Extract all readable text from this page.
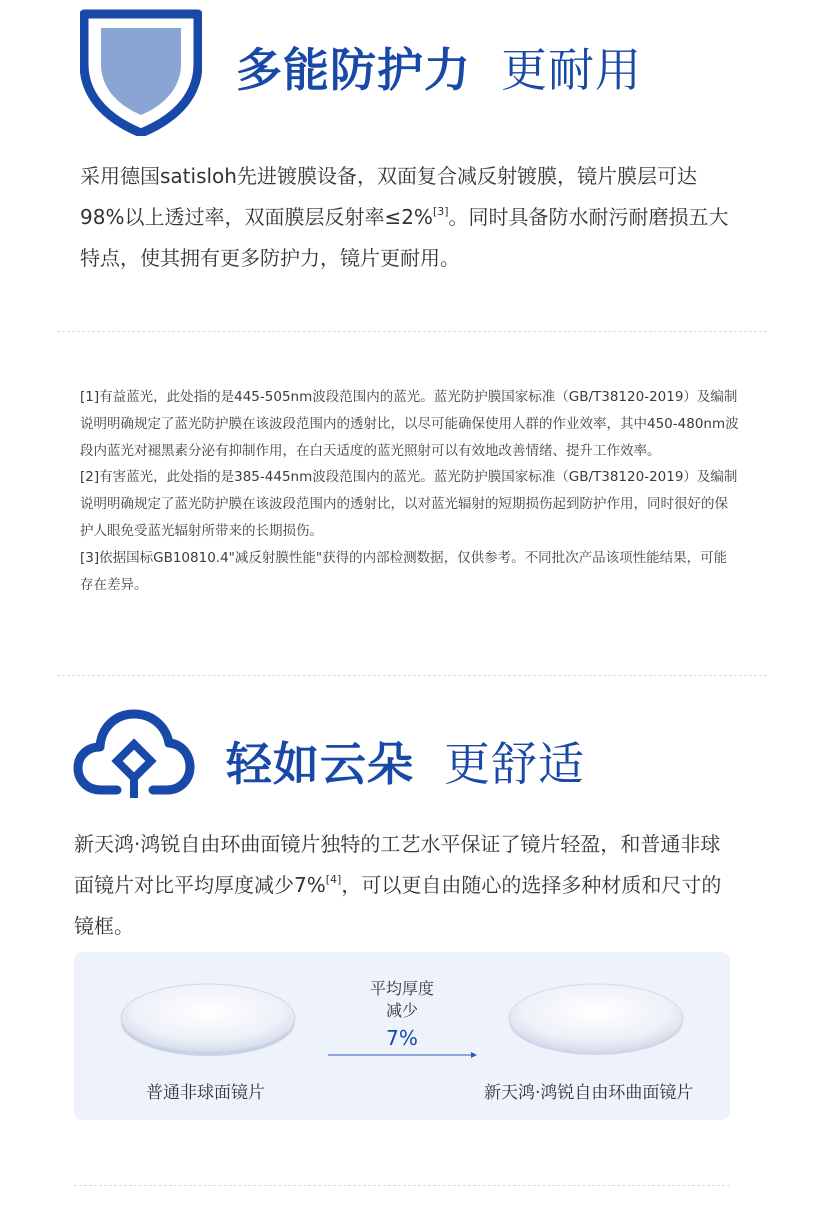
多能防护力 更耐用
采用德国satisloh先进镀膜设备，双面复合减反射镀膜，镜片膜层可达98%以上透过率，双面膜层反射率≤2%[3]。同时具备防水耐污耐磨损五大特点，使其拥有更多防护力，镜片更耐用。

[1]有益蓝光，此处指的是445-505nm波段范围内的蓝光。蓝光防护膜国家标准（GB/T38120-2019）及编制说明明确规定了蓝光防护膜在该波段范围内的透射比，以尽可能确保使用人群的作业效率，其中450-480nm波段内蓝光对褪黑素分泌有抑制作用，在白天适度的蓝光照射可以有效地改善情绪、提升工作效率。

[2]有害蓝光，此处指的是385-445nm波段范围内的蓝光。蓝光防护膜国家标准（GB/T38120-2019）及编制说明明确规定了蓝光防护膜在该波段范围内的透射比，以对蓝光辐射的短期损伤起到防护作用，同时很好的保护人眼免受蓝光辐射所带来的长期损伤。

[3]依据国标GB10810.4"减反射膜性能"获得的内部检测数据，仅供参考。不同批次产品该项性能结果，可能存在差异。

轻如云朵 更舒适
新天鸿·鸿锐自由环曲面镜片独特的工艺水平保证了镜片轻盈，和普通非球面镜片对比平均厚度减少7%[4]，可以更自由随心的选择多种材质和尺寸的镜框。
平均厚度
减少
7%
普通非球面镜片	新天鸿·鸿锐自由环曲面镜片
